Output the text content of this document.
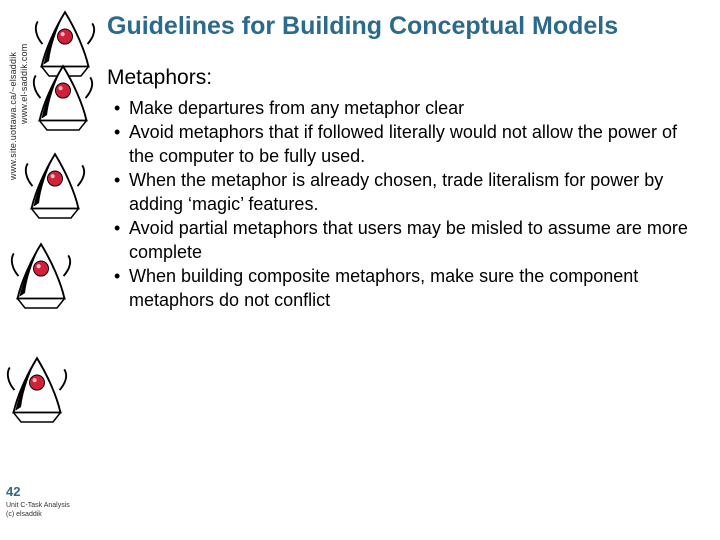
www.site.uottawa.ca/~elsaddik www.el-saddik.com
Guidelines for Building Conceptual Models
Metaphors:
• Make departures from any metaphor clear
• Avoid metaphors that if followed literally would not allow the power of the computer to be fully used.
• When the metaphor is already chosen, trade literalism for power by adding ‘magic’ features.
• Avoid partial metaphors that users may be misled to assume are more complete
• When building composite metaphors, make sure the component metaphors do not conflict
42
Unit C-Task Analysis
(c) elsaddik
